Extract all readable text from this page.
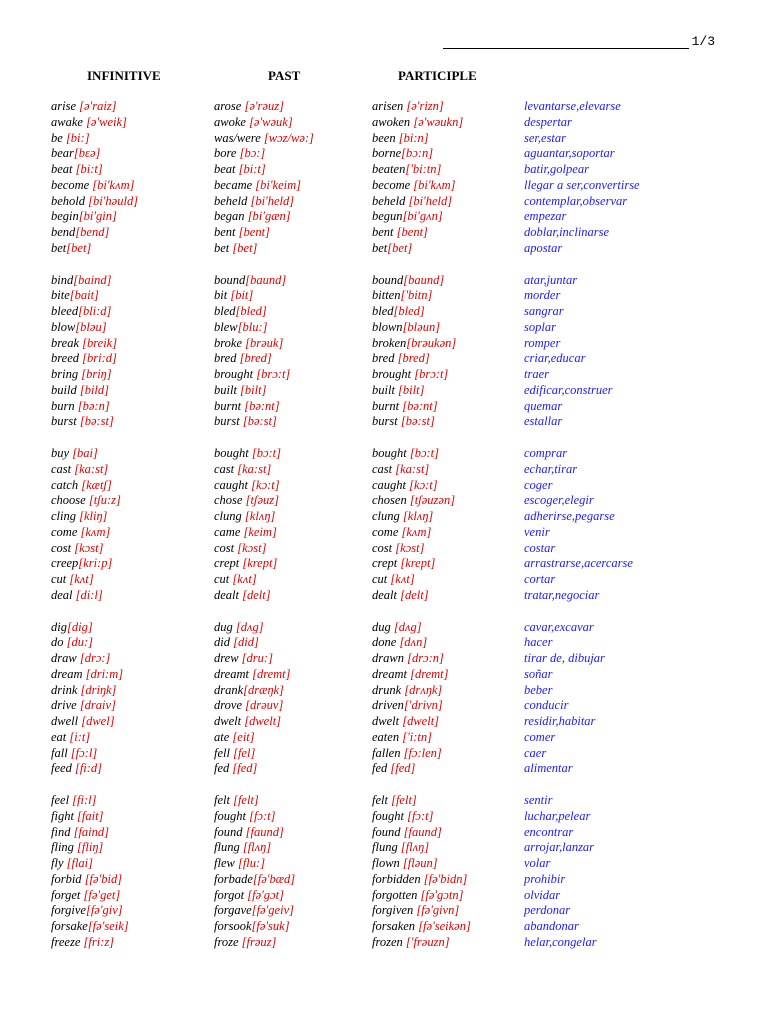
1/3
INFINITIVE	PAST	PARTICIPLE
arise [ə'raiz]	arose [ə'rəuz]	arisen [ə'rizn]	levantarse,elevarse
awake [ə'weik]	awoke [ə'wəuk]	awoken [ə'wəukn]	despertar
be [bi:]	was/were [wɔz/wə:]	been [bi:n]	ser,estar
bear[bεə]	bore [bɔ:]	borne[bɔ:n]	aguantar,soportar
beat [bi:t]	beat [bi:t]	beaten['bi:tn]	batir,golpear
become [bi'kʌm]	became [bi'keim]	become [bi'kʌm]	llegar a ser,convertirse
behold [bi'həuld]	beheld [bi'held]	beheld [bi'held]	contemplar,observar
begin[bi'gin]	began [bi'gæn]	begun[bi'gʌn]	empezar
bend[bend]	bent [bent]	bent [bent]	doblar,inclinarse
bet[bet]	bet [bet]	bet[bet]	apostar
bind[baind]	bound[baund]	bound[baund]	atar,juntar
bite[bait]	bit [bit]	bitten['bitn]	morder
bleed[bli:d]	bled[bled]	bled[bled]	sangrar
blow[bləu]	blew[blu:]	blown[bləun]	soplar
break [breik]	broke [brəuk]	broken[brəukən]	romper
breed [bri:d]	bred [bred]	bred [bred]	criar,educar
bring [briŋ]	brought [brɔ:t]	brought [brɔ:t]	traer
build [bild]	built [bilt]	built [bilt]	edificar,construer
burn [bə:n]	burnt [bə:nt]	burnt [bə:nt]	quemar
burst [bə:st]	burst [bə:st]	burst [bə:st]	estallar
buy [bai]	bought [bɔ:t]	bought [bɔ:t]	comprar
cast [ka:st]	cast [ka:st]	cast [ka:st]	echar,tirar
catch [kætʃ]	caught [kɔ:t]	caught [kɔ:t]	coger
choose [tʃu:z]	chose [tʃəuz]	chosen [tʃəuzən]	escoger,elegir
cling [kliŋ]	clung [klʌŋ]	clung [klʌŋ]	adherirse,pegarse
come [kʌm]	came [keim]	come [kʌm]	venir
cost [kɔst]	cost [kɔst]	cost [kɔst]	costar
creep[kri:p]	crept [krept]	crept [krept]	arrastrarse,acercarse
cut [kʌt]	cut [kʌt]	cut [kʌt]	cortar
deal [di:l]	dealt [delt]	dealt [delt]	tratar,negociar
dig[dig]	dug [dʌg]	dug [dʌg]	cavar,excavar
do [du:]	did [did]	done [dʌn]	hacer
draw [drɔ:]	drew [dru:]	drawn [drɔ:n]	tirar de, dibujar
dream [dri:m]	dreamt [dremt]	dreamt [dremt]	soñar
drink [driŋk]	drank[dræŋk]	drunk [drʌŋk]	beber
drive [draiv]	drove [drəuv]	driven['drivn]	conducir
dwell [dwel]	dwelt [dwelt]	dwelt [dwelt]	residir,habitar
eat [i:t]	ate [eit]	eaten ['i:tn]	comer
fall [fɔ:l]	fell [fel]	fallen [fɔ:len]	caer
feed [fi:d]	fed [fed]	fed [fed]	alimentar
feel [fi:l]	felt [felt]	felt [felt]	sentir
fight [fait]	fought [fɔ:t]	fought [fɔ:t]	luchar,pelear
find [faind]	found [faund]	found [faund]	encontrar
fling [fliŋ]	flung [flʌŋ]	flung [flʌŋ]	arrojar,lanzar
fly [flai]	flew [flu:]	flown [fləun]	volar
forbid [fə'bid]	forbade[fə'bæd]	forbidden [fə'bidn]	prohibir
forget [fə'get]	forgot [fə'gɔt]	forgotten [fə'gɔtn]	olvidar
forgive[fə'giv]	forgave[fə'geiv]	forgiven [fə'givn]	perdonar
forsake[fə'seik]	forsook[fə'suk]	forsaken [fə'seikən]	abandonar
freeze [fri:z]	froze [frəuz]	frozen ['frəuzn]	helar,congelar
